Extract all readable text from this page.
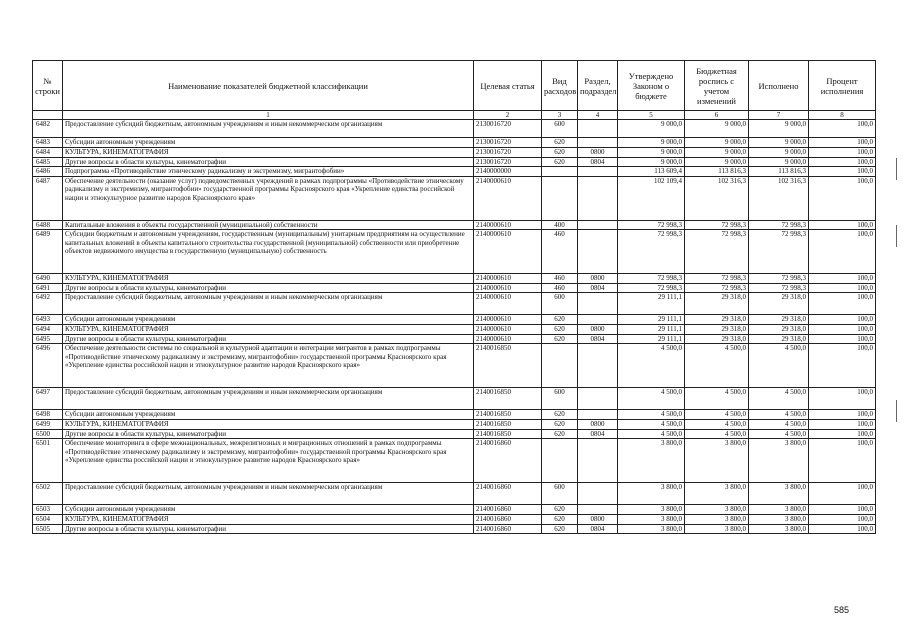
№ строки	Наименование показателей бюджетной классификации	Целевая статья	Вид расходов	Раздел, подраздел	Утверждено Законом о бюджете	Бюджетная роспись с учетом изменений	Исполнено	Процент исполнения
	1	2	3	4	5	6	7	8
6482	Предоставление субсидий бюджетным, автономным учреждениям и иным некоммерческим организациям	2130016720	600		9 000,0	9 000,0	9 000,0	100,0
6483	Субсидии автономным учреждениям	2130016720	620		9 000,0	9 000,0	9 000,0	100,0
6484	КУЛЬТУРА, КИНЕМАТОГРАФИЯ	2130016720	620	0800	9 000,0	9 000,0	9 000,0	100,0
6485	Другие вопросы в области культуры, кинематографии	2130016720	620	0804	9 000,0	9 000,0	9 000,0	100,0
6486	Подпрограмма «Противодействие этническому радикализму и экстремизму, мигрантофобии»	2140000000			113 609,4	113 816,3	113 816,3	100,0
6487	Обеспечение деятельности (оказание услуг) подведомственных учреждений в рамках подпрограммы «Противодействие этническому радикализму и экстремизму, мигрантофобии» государственной программы Красноярского края «Укрепление единства российской нации и этнокультурное развитие народов Красноярского края»	2140000610			102 109,4	102 316,3	102 316,3	100,0
6488	Капитальные вложения в объекты государственной (муниципальной) собственности	2140000610	400		72 998,3	72 998,3	72 998,3	100,0
6489	Субсидии бюджетным и автономным учреждениям, государственным (муниципальным) унитарным предприятиям на осуществление капитальных вложений в объекты капитального строительства государственной (муниципальной) собственности или приобретение объектов недвижимого имущества в государственную (муниципальную) собственность	2140000610	460		72 998,3	72 998,3	72 998,3	100,0
6490	КУЛЬТУРА, КИНЕМАТОГРАФИЯ	2140000610	460	0800	72 998,3	72 998,3	72 998,3	100,0
6491	Другие вопросы в области культуры, кинематографии	2140000610	460	0804	72 998,3	72 998,3	72 998,3	100,0
6492	Предоставление субсидий бюджетным, автономным учреждениям и иным некоммерческим организациям	2140000610	600		29 111,1	29 318,0	29 318,0	100,0
6493	Субсидии автономным учреждениям	2140000610	620		29 111,1	29 318,0	29 318,0	100,0
6494	КУЛЬТУРА, КИНЕМАТОГРАФИЯ	2140000610	620	0800	29 111,1	29 318,0	29 318,0	100,0
6495	Другие вопросы в области культуры, кинематографии	2140000610	620	0804	29 111,1	29 318,0	29 318,0	100,0
6496	Обеспечение деятельности системы по социальной и культурной адаптации и интеграции мигрантов в рамках подпрограммы «Противодействие этническому радикализму и экстремизму, мигрантофобии» государственной программы Красноярского края «Укрепление единства российской нации и этнокультурное развитие народов Красноярского края»	2140016850			4 500,0	4 500,0	4 500,0	100,0
6497	Предоставление субсидий бюджетным, автономным учреждениям и иным некоммерческим организациям	2140016850	600		4 500,0	4 500,0	4 500,0	100,0
6498	Субсидии автономным учреждениям	2140016850	620		4 500,0	4 500,0	4 500,0	100,0
6499	КУЛЬТУРА, КИНЕМАТОГРАФИЯ	2140016850	620	0800	4 500,0	4 500,0	4 500,0	100,0
6500	Другие вопросы в области культуры, кинематографии	2140016850	620	0804	4 500,0	4 500,0	4 500,0	100,0
6501	Обеспечение мониторинга в сфере межнациональных, межрелигиозных и миграционных отношений в рамках подпрограммы «Противодействие этническому радикализму и экстремизму, мигрантофобии» государственной программы Красноярского края «Укрепление единства российской нации и этнокультурное развитие народов Красноярского края»	2140016860			3 800,0	3 800,0	3 800,0	100,0
6502	Предоставление субсидий бюджетным, автономным учреждениям и иным некоммерческим организациям	2140016860	600		3 800,0	3 800,0	3 800,0	100,0
6503	Субсидии автономным учреждениям	2140016860	620		3 800,0	3 800,0	3 800,0	100,0
6504	КУЛЬТУРА, КИНЕМАТОГРАФИЯ	2140016860	620	0800	3 800,0	3 800,0	3 800,0	100,0
6505	Другие вопросы в области культуры, кинематографии	2140016860	620	0804	3 800,0	3 800,0	3 800,0	100,0
585
